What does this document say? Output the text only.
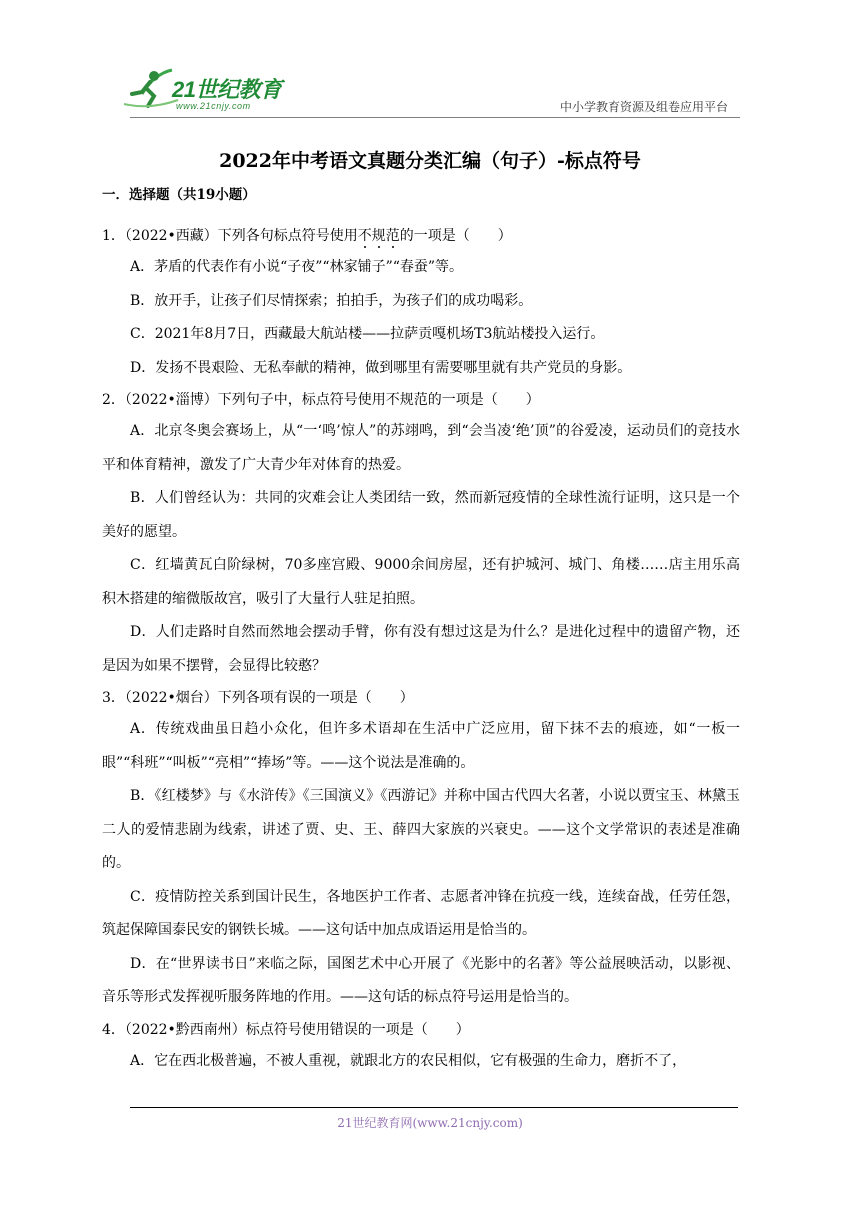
21世纪教育
www.21cnjy.com	中小学教育资源及组卷应用平台
2022年中考语文真题分类汇编（句子）-标点符号
一．选择题（共19小题）
1．（2022•西藏）下列各句标点符号使用不规范的一项是（　　）
A．茅盾的代表作有小说“子夜”“林家铺子”“春蚕”等。
B．放开手，让孩子们尽情探索；拍拍手，为孩子们的成功喝彩。
C．2021年8月7日，西藏最大航站楼——拉萨贡嘎机场T3航站楼投入运行。
D．发扬不畏艰险、无私奉献的精神，做到哪里有需要哪里就有共产党员的身影。
2．（2022•淄博）下列句子中，标点符号使用不规范的一项是（　　）
A．北京冬奥会赛场上，从“一‘鸣’惊人”的苏翊鸣，到“会当凌‘绝’顶”的谷爱凌，运动员们的竞技水平和体育精神，激发了广大青少年对体育的热爱。
B．人们曾经认为：共同的灾难会让人类团结一致，然而新冠疫情的全球性流行证明，这只是一个美好的愿望。
C．红墙黄瓦白阶绿树，70多座宫殿、9000余间房屋，还有护城河、城门、角楼……店主用乐高积木搭建的缩微版故宫，吸引了大量行人驻足拍照。
D．人们走路时自然而然地会摆动手臂，你有没有想过这是为什么？是进化过程中的遗留产物，还是因为如果不摆臂，会显得比较憨？
3．（2022•烟台）下列各项有误的一项是（　　）
A．传统戏曲虽日趋小众化，但许多术语却在生活中广泛应用，留下抹不去的痕迹，如“一板一眼”“科班”“叫板”“亮相”“捧场”等。——这个说法是准确的。
B．《红楼梦》与《水浒传》《三国演义》《西游记》并称中国古代四大名著，小说以贾宝玉、林黛玉二人的爱情悲剧为线索，讲述了贾、史、王、薛四大家族的兴衰史。——这个文学常识的表述是准确的。
C．疫情防控关系到国计民生，各地医护工作者、志愿者冲锋在抗疫一线，连续奋战，任劳任怨，筑起保障国泰民安的钢铁长城。——这句话中加点成语运用是恰当的。
D．在“世界读书日”来临之际，国图艺术中心开展了《光影中的名著》等公益展映活动，以影视、音乐等形式发挥视听服务阵地的作用。——这句话的标点符号运用是恰当的。
4．（2022•黔西南州）标点符号使用错误的一项是（　　）
A．它在西北极普遍，不被人重视，就跟北方的农民相似，它有极强的生命力，磨折不了，
21世纪教育网(www.21cnjy.com)
